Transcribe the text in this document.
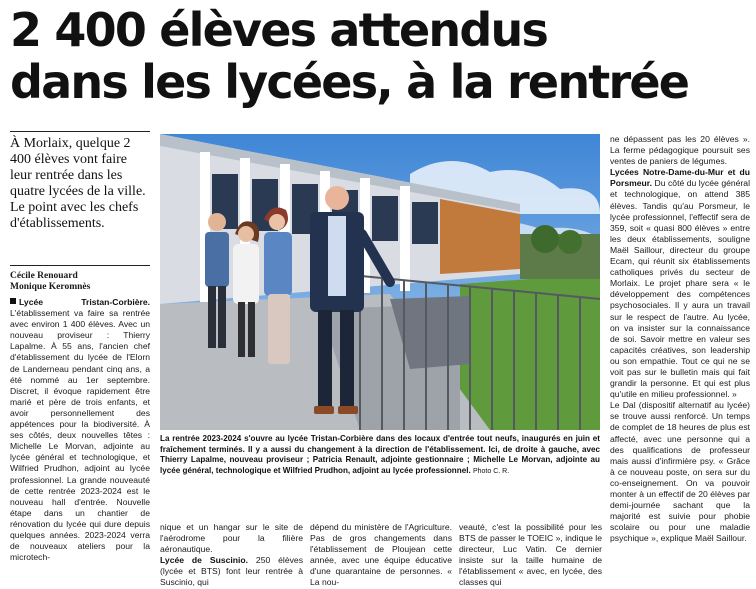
2 400 élèves attendus
dans les lycées, à la rentrée

À Morlaix, quelque 2 400 élèves vont faire leur rentrée dans les quatre lycées de la ville. Le point avec les chefs d'établissements.

Cécile Renouard
Monique Keromnès

Lycée Tristan-Corbière. L'établissement va faire sa rentrée avec environ 1 400 élèves. Avec un nouveau proviseur : Thierry Lapalme. À 55 ans, l'ancien chef d'établissement du lycée de l'Elorn de Landerneau pendant cinq ans, a été nommé au 1er septembre. Discret, il évoque rapidement être marié et père de trois enfants, et avoir personnellement des appétences pour la biodiversité. À ses côtés, deux nouvelles têtes : Michelle Le Morvan, adjointe au lycée général et technologique, et Wilfried Prudhon, adjoint au lycée professionnel. La grande nouveauté de cette rentrée 2023-2024 est le nouveau hall d'entrée. Nouvelle étape dans un chantier de rénovation du lycée qui dure depuis quelques années. 2023-2024 verra de nouveaux ateliers pour la microtech-

La rentrée 2023-2024 s'ouvre au lycée Tristan-Corbière dans des locaux d'entrée tout neufs, inaugurés en juin et fraîchement terminés. Il y a aussi du changement à la direction de l'établissement. Ici, de droite à gauche, avec Thierry Lapalme, nouveau proviseur ; Patricia Renault, adjointe gestionnaire ; Michelle Le Morvan, adjointe au lycée général, technologique et Wilfried Prudhon, adjoint au lycée professionnel. Photo C. R.

nique et un hangar sur le site de l'aérodrome pour la filière aéronautique.

Lycée de Suscinio. 250 élèves (lycée et BTS) font leur rentrée à Suscinio, qui

dépend du ministère de l'Agriculture. Pas de gros changements dans l'établissement de Ploujean cette année, avec une équipe éducative d'une quarantaine de personnes. « La nou-

veauté, c'est la possibilité pour les BTS de passer le TOEIC », indique le directeur, Luc Vatin. Ce dernier insiste sur la taille humaine de l'établissement « avec, en lycée, des classes qui

ne dépassent pas les 20 élèves ». La ferme pédagogique poursuit ses ventes de paniers de légumes.

Lycées Notre-Dame-du-Mur et du Porsmeur. Du côté du lycée général et technologique, on attend 385 élèves. Tandis qu'au Porsmeur, le lycée professionnel, l'effectif sera de 359, soit « quasi 800 élèves » entre les deux établissements, souligne Maël Saillour, directeur du groupe Ecam, qui réunit six établissements catholiques privés du secteur de Morlaix. Le projet phare sera « le développement des compétences psychosociales. Il y aura un travail sur le respect de l'autre. Au lycée, on va insister sur la connaissance de soi. Savoir mettre en valeur ses capacités créatives, son leadership ou son empathie. Tout ce qui ne se voit pas sur le bulletin mais qui fait grandir la personne. Et qui est plus qu'utile en milieu professionnel. »

Le Dal (dispositif alternatif au lycée) se trouve aussi renforcé. Un temps de complet de 18 heures de plus est affecté, avec une personne qui a des qualifications de professeur mais aussi d'infirmière psy. « Grâce à ce nouveau poste, on sera sur du co-enseignement. On va pouvoir monter à un effectif de 20 élèves par demi-journée sachant que la majorité est suivie pour phobie scolaire ou pour une maladie psychique », explique Maël Saillour.
